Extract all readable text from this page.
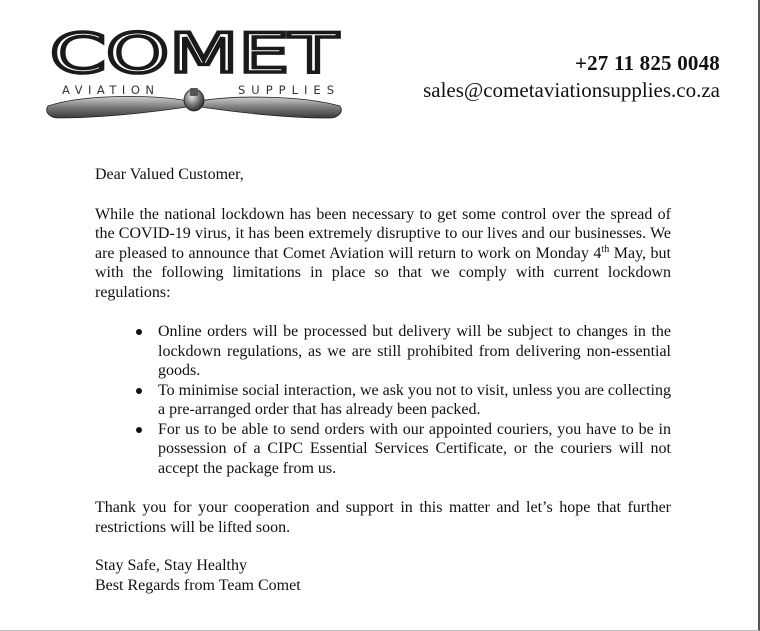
COMET
AVIATION	SUPPLIES
+27 11 825 0048
sales@cometaviationsupplies.co.za

Dear Valued Customer,

While the national lockdown has been necessary to get some control over the spread of the COVID-19 virus, it has been extremely disruptive to our lives and our businesses. We are pleased to announce that Comet Aviation will return to work on Monday 4th May, but with the following limitations in place so that we comply with current lockdown regulations:

Online orders will be processed but delivery will be subject to changes in the lockdown regulations, as we are still prohibited from delivering non-essential goods.
To minimise social interaction, we ask you not to visit, unless you are collecting a pre-arranged order that has already been packed.
For us to be able to send orders with our appointed couriers, you have to be in possession of a CIPC Essential Services Certificate, or the couriers will not accept the package from us.

Thank you for your cooperation and support in this matter and let’s hope that further restrictions will be lifted soon.

Stay Safe, Stay Healthy

Best Regards from Team Comet
